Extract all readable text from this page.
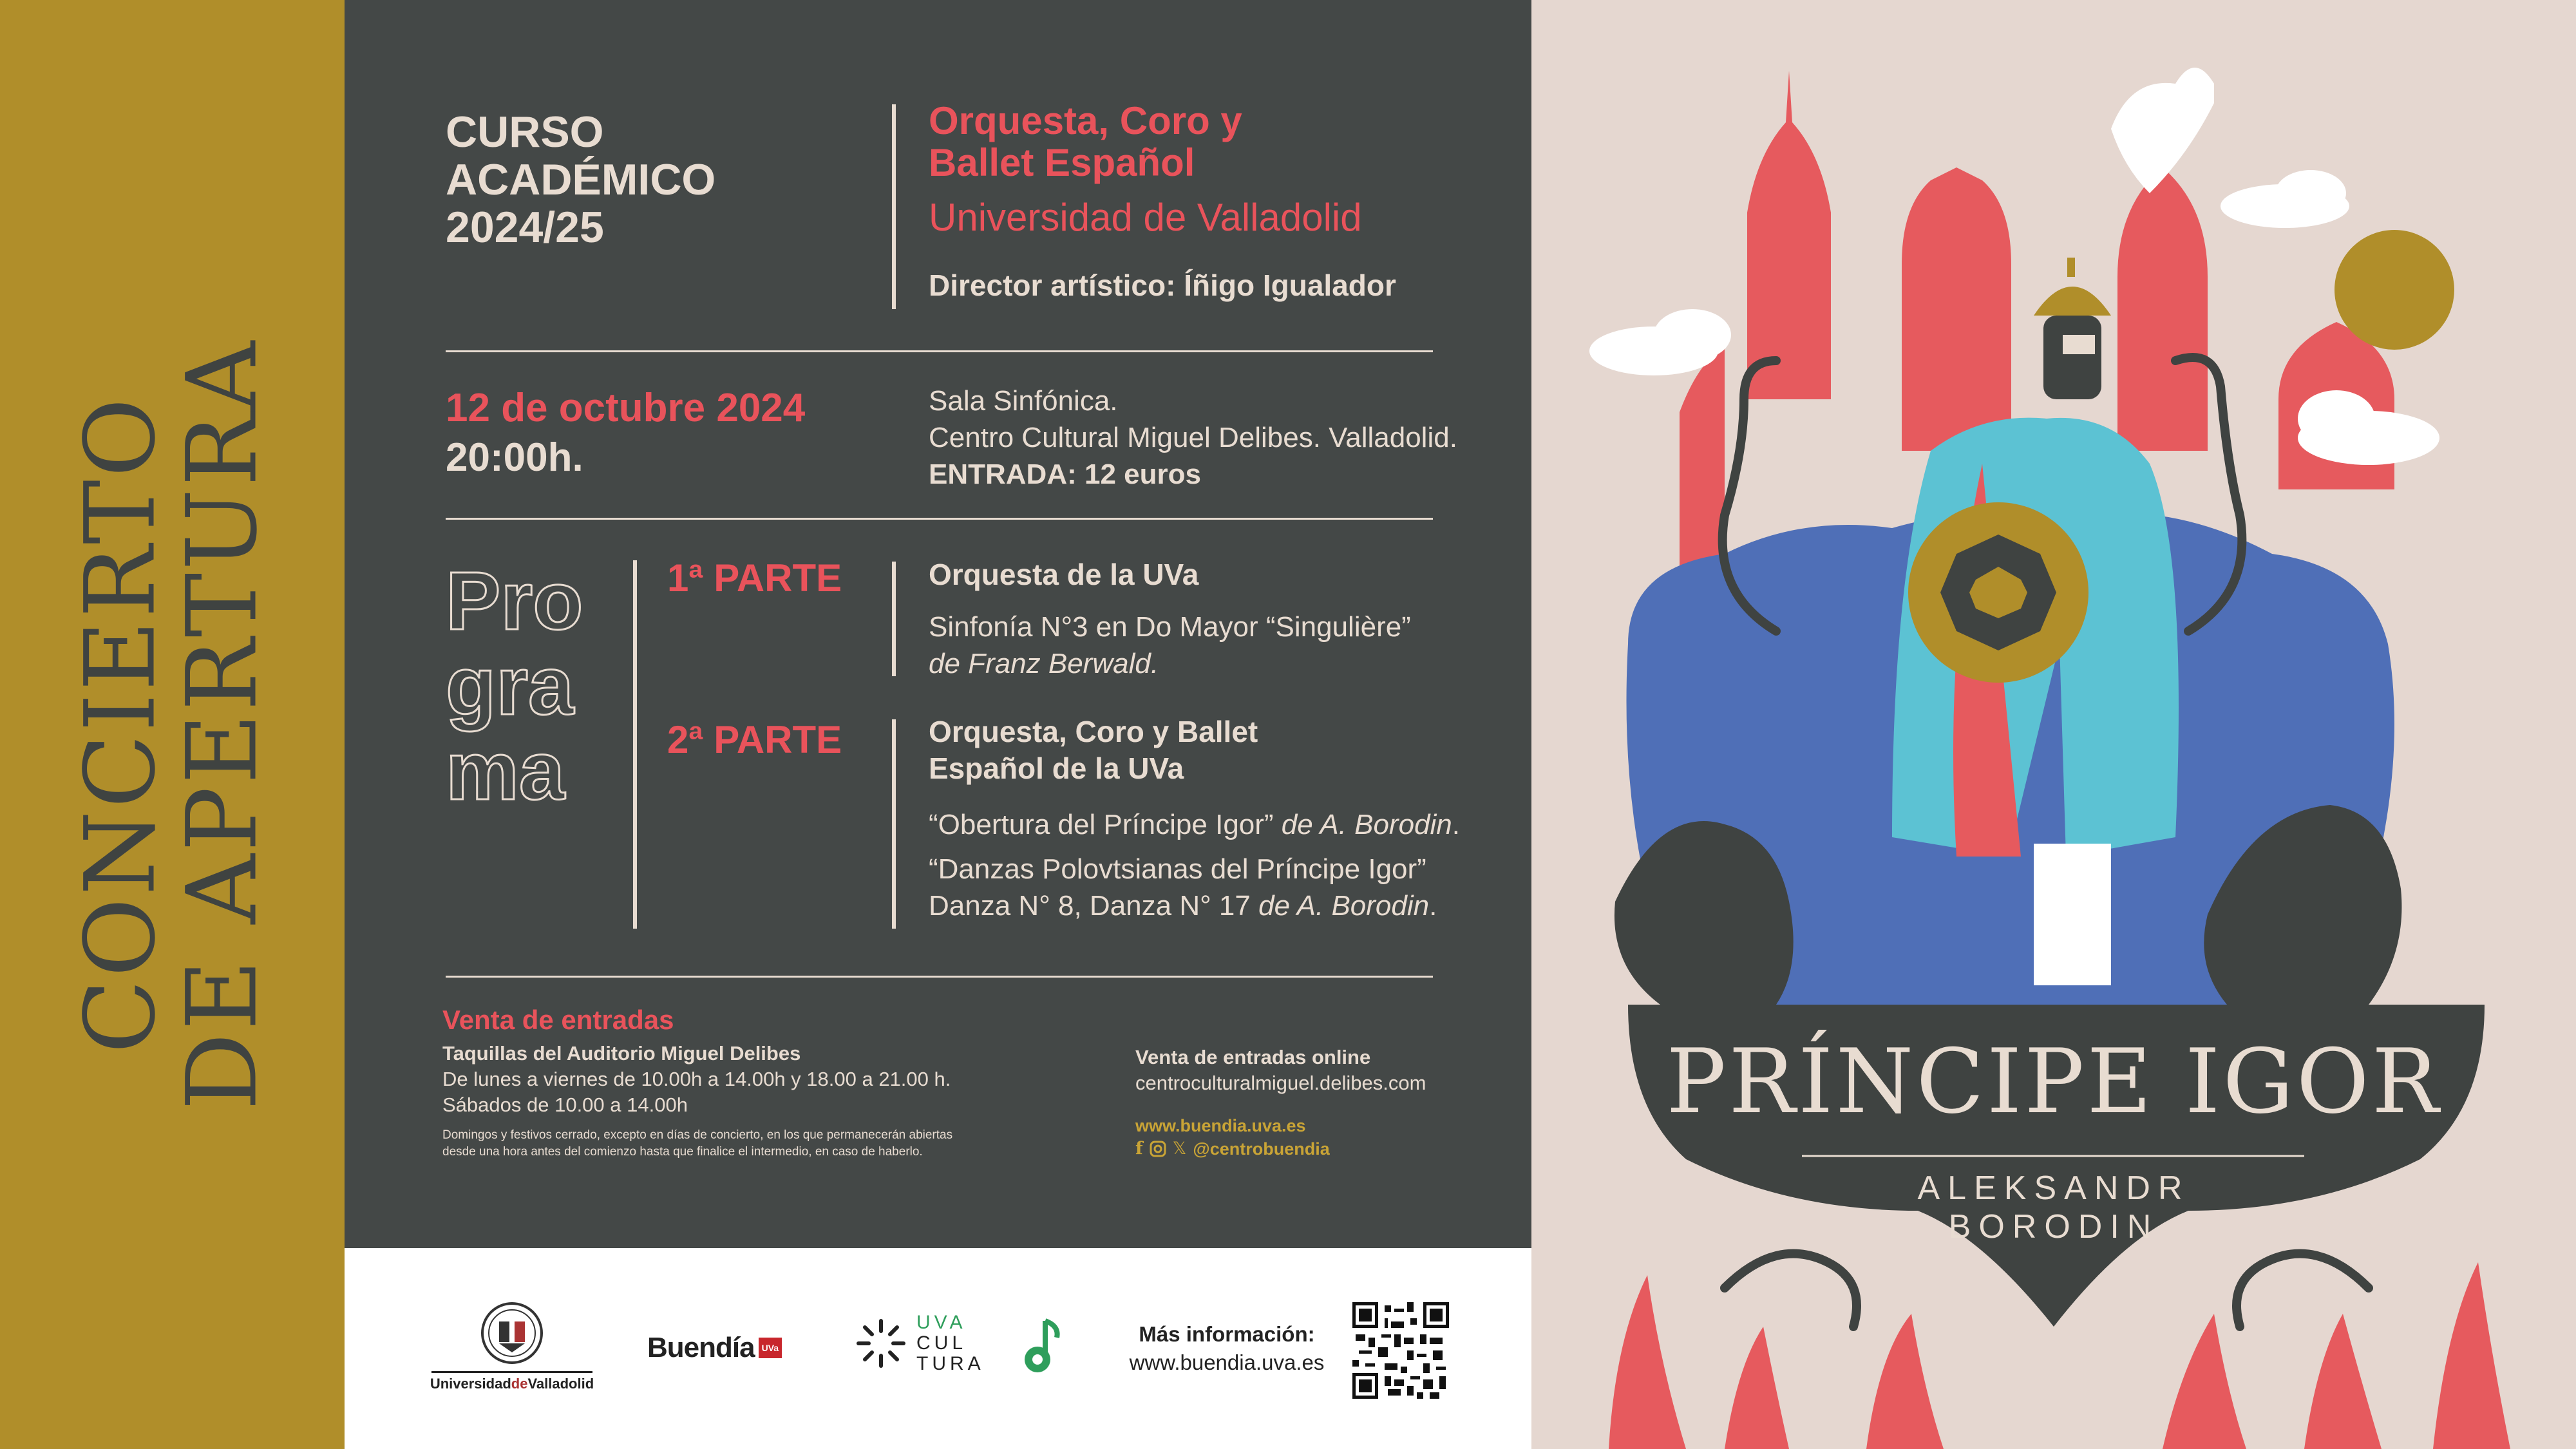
CONCIERTO
DE APERTURA
CURSO
ACADÉMICO
2024/25
Orquesta, Coro y
Ballet Español
Universidad de Valladolid
Director artístico: Íñigo Igualador
12 de octubre 2024
20:00h.
Sala Sinfónica.
Centro Cultural Miguel Delibes. Valladolid.
ENTRADA: 12 euros
Pro
gra
ma
1ª PARTE	Orquesta de la UVa
Sinfonía N°3 en Do Mayor “Singulière”
de Franz Berwald.
2ª PARTE	Orquesta, Coro y Ballet
Español de la UVa
“Obertura del Príncipe Igor” de A. Borodin.
“Danzas Polovtsianas del Príncipe Igor”
Danza N° 8, Danza N° 17 de A. Borodin.
Venta de entradas
Taquillas del Auditorio Miguel Delibes
De lunes a viernes de 10.00h a 14.00h y 18.00 a 21.00 h.
Sábados de 10.00 a 14.00h
Domingos y festivos cerrado, excepto en días de concierto, en los que permanecerán abiertas
desde una hora antes del comienzo hasta que finalice el intermedio, en caso de haberlo.
Venta de entradas online
centroculturalmiguel.delibes.com
www.buendia.uva.es
f 𝕏 @centrobuendia
UniversidaddeValladolid
Buendía UVa
UVA
CUL
TURA
Más información:
www.buendia.uva.es
PRÍNCIPE IGOR
ALEKSANDR
BORODIN
